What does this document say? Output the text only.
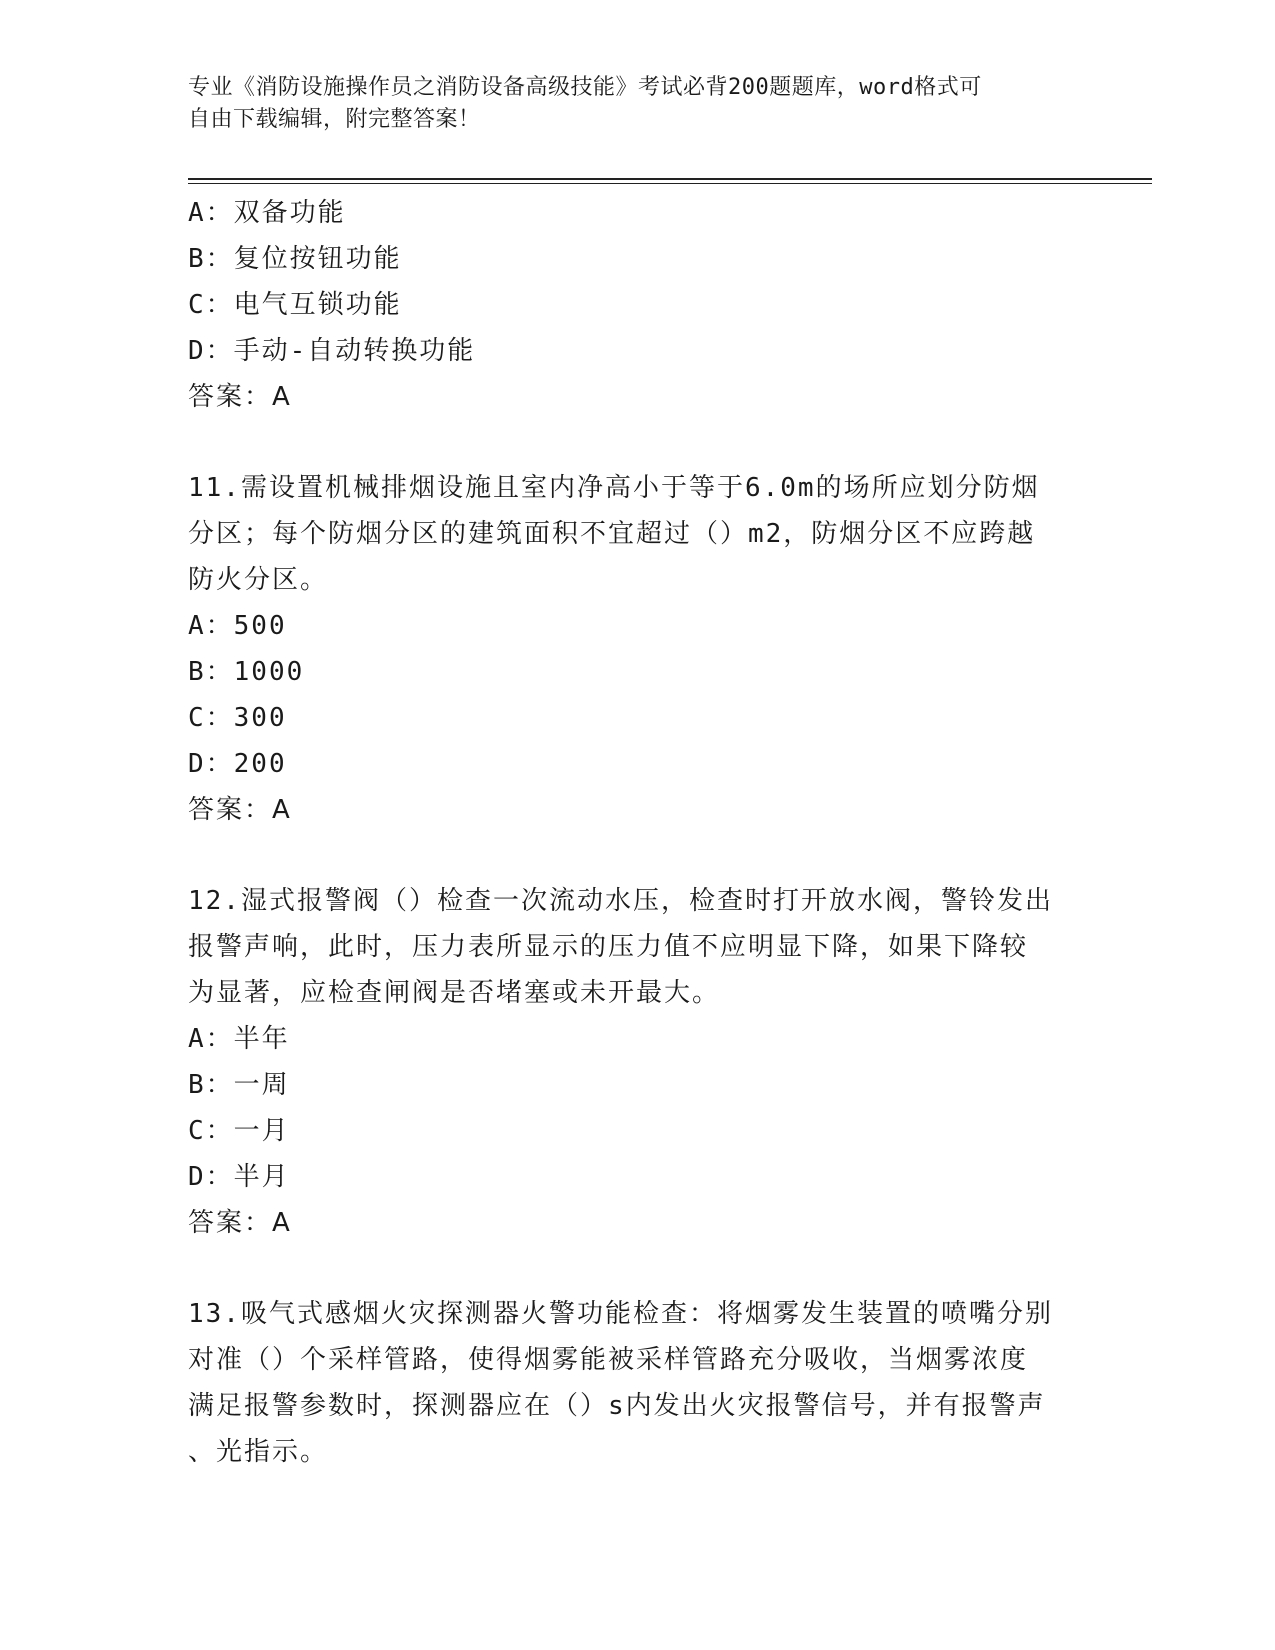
专业《消防设施操作员之消防设备高级技能》考试必背200题题库，word格式可
自由下载编辑，附完整答案！
A：双备功能
B：复位按钮功能
C：电气互锁功能
D：手动-自动转换功能
答案：A
11.需设置机械排烟设施且室内净高小于等于6.0m的场所应划分防烟
分区；每个防烟分区的建筑面积不宜超过（）m2，防烟分区不应跨越
防火分区。
A：500
B：1000
C：300
D：200
答案：A
12.湿式报警阀（）检查一次流动水压，检查时打开放水阀，警铃发出
报警声响，此时，压力表所显示的压力值不应明显下降，如果下降较
为显著，应检查闸阀是否堵塞或未开最大。
A：半年
B：一周
C：一月
D：半月
答案：A
13.吸气式感烟火灾探测器火警功能检查：将烟雾发生装置的喷嘴分别
对准（）个采样管路，使得烟雾能被采样管路充分吸收，当烟雾浓度
满足报警参数时，探测器应在（）s内发出火灾报警信号，并有报警声
、光指示。
